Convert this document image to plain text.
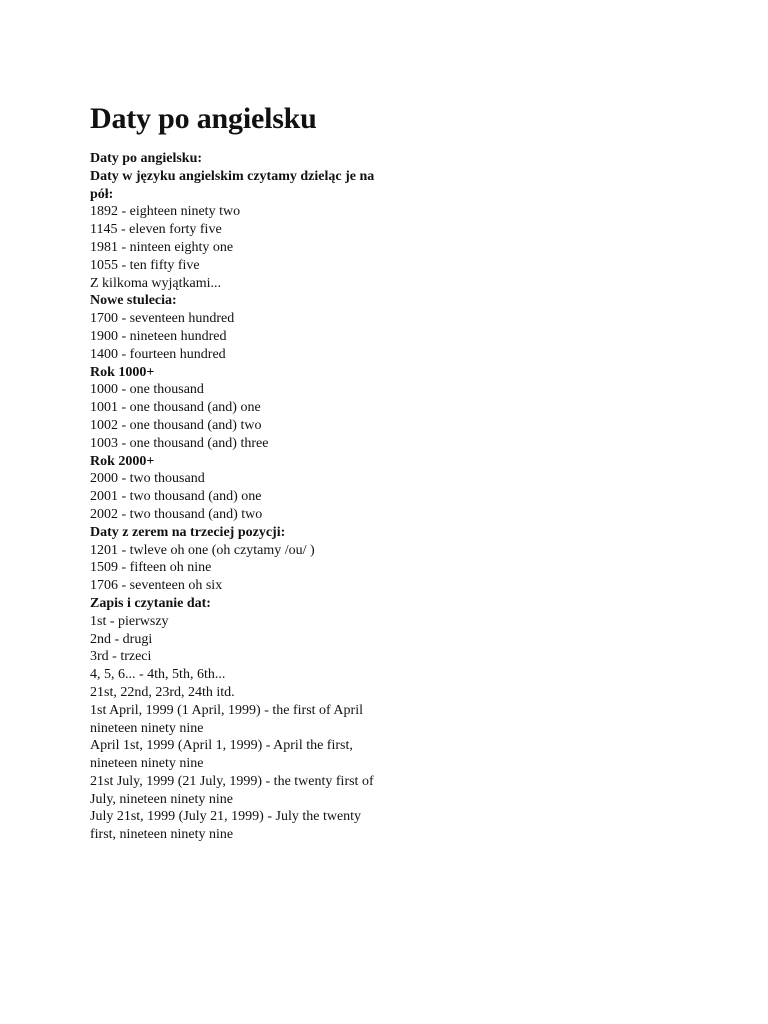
Daty po angielsku

Daty po angielsku:

Daty w języku angielskim czytamy dzieląc je na pół:

1892 - eighteen ninety two

1145 - eleven forty five

1981 - ninteen eighty one

1055 - ten fifty five

Z kilkoma wyjątkami...

Nowe stulecia:

1700 - seventeen hundred

1900 - nineteen hundred

1400 - fourteen hundred

Rok 1000+

1000 - one thousand

1001 - one thousand (and) one

1002 - one thousand (and) two

1003 - one thousand (and) three

Rok 2000+

2000 - two thousand

2001 - two thousand (and) one

2002 - two thousand (and) two

Daty z zerem na trzeciej pozycji:

1201 - twleve oh one (oh czytamy /ou/ )

1509 - fifteen oh nine

1706 - seventeen oh six

Zapis i czytanie dat:

1st - pierwszy

2nd - drugi

3rd - trzeci

4, 5, 6... - 4th, 5th, 6th...

21st, 22nd, 23rd, 24th itd.

1st April, 1999 (1 April, 1999) - the first of April nineteen ninety nine

April 1st, 1999 (April 1, 1999) - April the first, nineteen ninety nine

21st July, 1999 (21 July, 1999) - the twenty first of July, nineteen ninety nine

July 21st, 1999 (July 21, 1999) - July the twenty first, nineteen ninety nine
